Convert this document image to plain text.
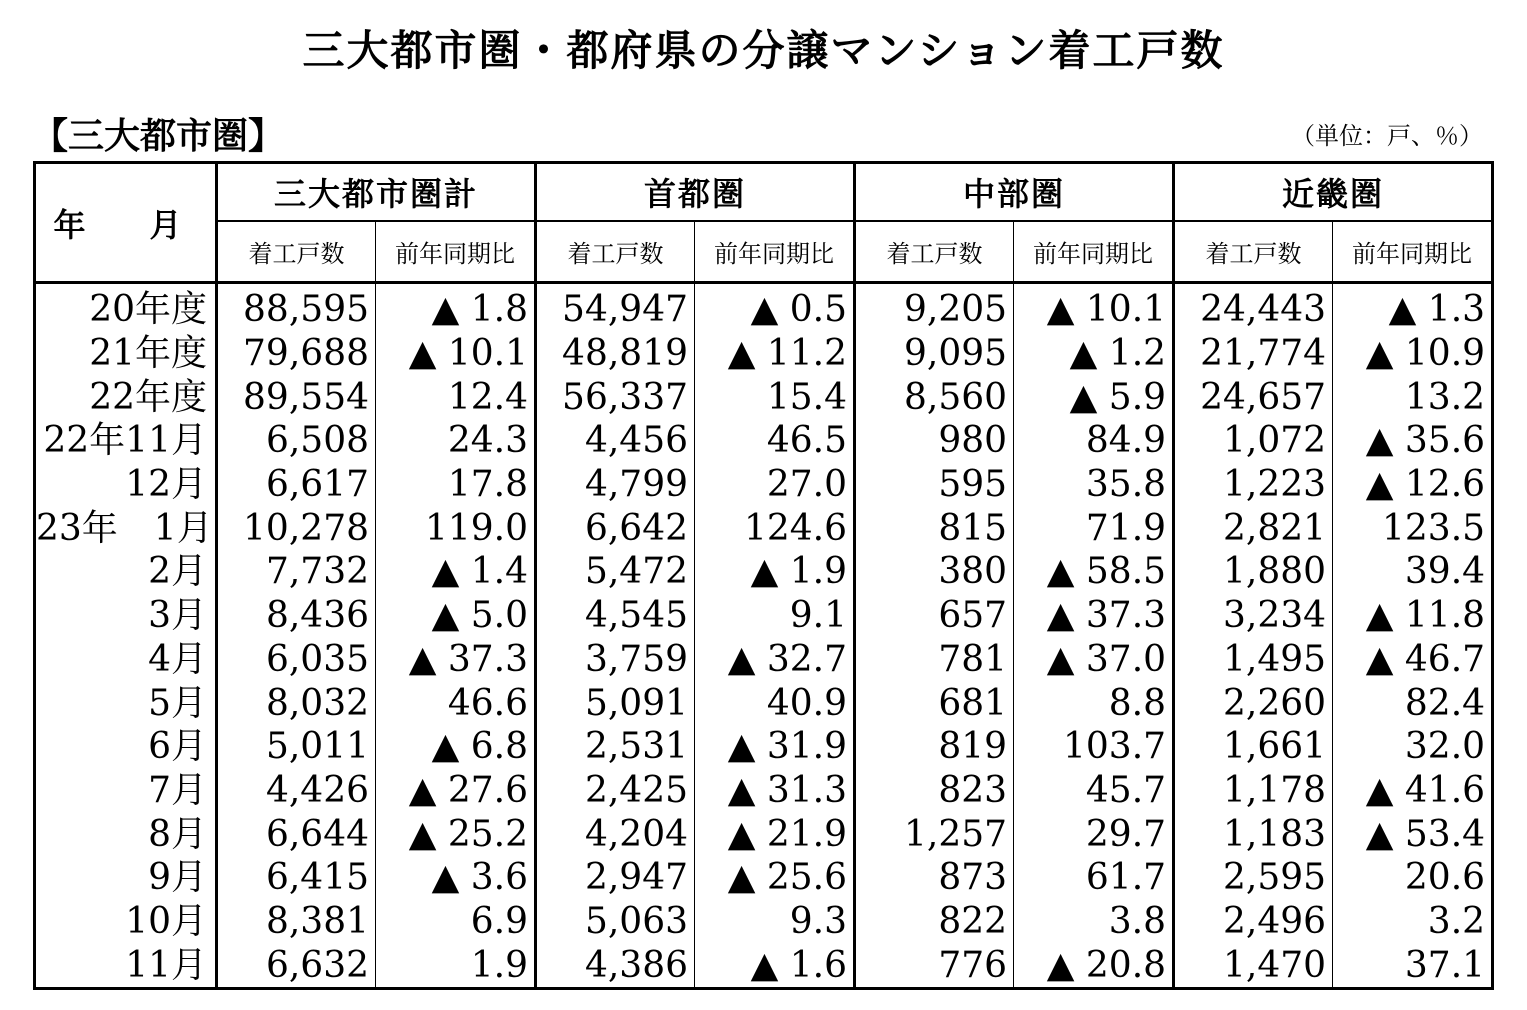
三大都市圏・都府県の分譲マンション着工戸数
【三大都市圏】	（単位：戸、％）
年　月	三大都市圏計		首都圏		中部圏		近畿圏	
	着工戸数	前年同期比	着工戸数	前年同期比	着工戸数	前年同期比	着工戸数	前年同期比
20年度	88,595	▲ 1.8	54,947	▲ 0.5	9,205	▲ 10.1	24,443	▲ 1.3
21年度	79,688	▲ 10.1	48,819	▲ 11.2	9,095	▲ 1.2	21,774	▲ 10.9
22年度	89,554	12.4	56,337	15.4	8,560	▲ 5.9	24,657	13.2
22年11月	6,508	24.3	4,456	46.5	980	84.9	1,072	▲ 35.6
12月	6,617	17.8	4,799	27.0	595	35.8	1,223	▲ 12.6
23年　1月	10,278	119.0	6,642	124.6	815	71.9	2,821	123.5
2月	7,732	▲ 1.4	5,472	▲ 1.9	380	▲ 58.5	1,880	39.4
3月	8,436	▲ 5.0	4,545	9.1	657	▲ 37.3	3,234	▲ 11.8
4月	6,035	▲ 37.3	3,759	▲ 32.7	781	▲ 37.0	1,495	▲ 46.7
5月	8,032	46.6	5,091	40.9	681	8.8	2,260	82.4
6月	5,011	▲ 6.8	2,531	▲ 31.9	819	103.7	1,661	32.0
7月	4,426	▲ 27.6	2,425	▲ 31.3	823	45.7	1,178	▲ 41.6
8月	6,644	▲ 25.2	4,204	▲ 21.9	1,257	29.7	1,183	▲ 53.4
9月	6,415	▲ 3.6	2,947	▲ 25.6	873	61.7	2,595	20.6
10月	8,381	6.9	5,063	9.3	822	3.8	2,496	3.2
11月	6,632	1.9	4,386	▲ 1.6	776	▲ 20.8	1,470	37.1
